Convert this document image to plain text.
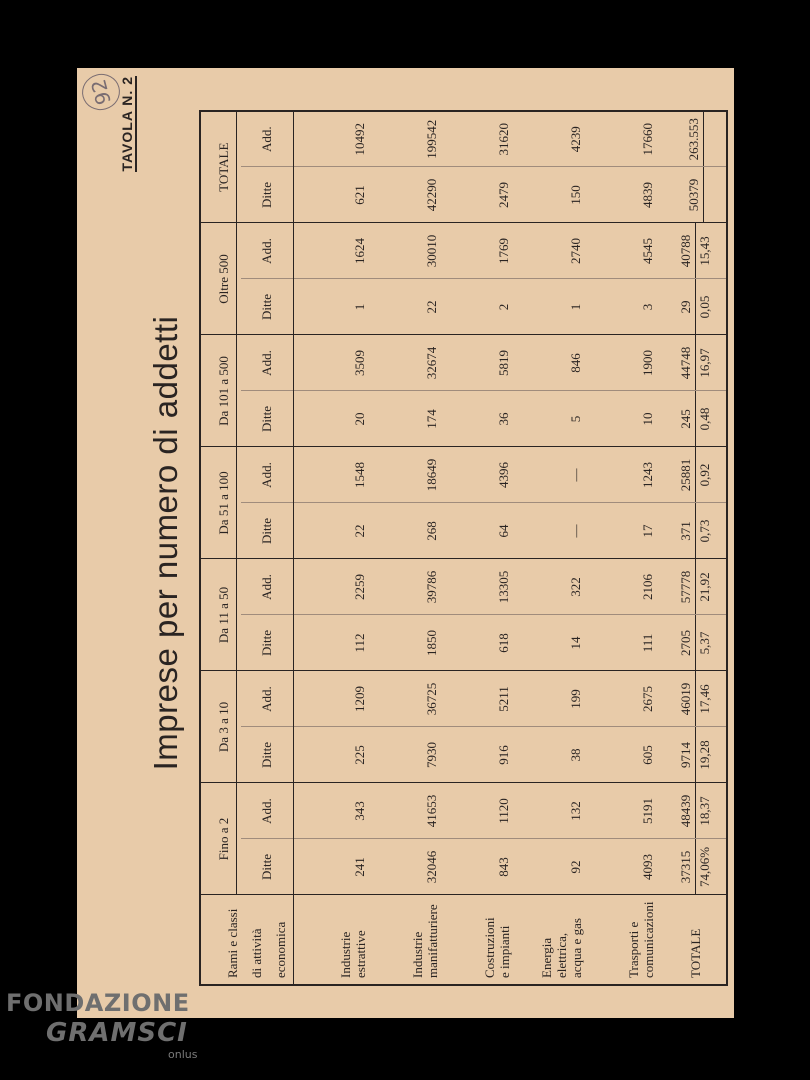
92 TAVOLA N. 2
Imprese per numero di addetti
Rami e classi di attività economica	Fino a 2		Da 3 a 10		Da 11 a 50		Da 51 a 100		Da 101 a 500		Oltre 500		TOTALE	

	Ditte	Add.	Ditte	Add.	Ditte	Add.	Ditte	Add.	Ditte	Add.	Ditte	Add.	Ditte	Add.

Industrie estrattive	241	343	225	1209	112	2259	22	1548	20	3509	1	1624	621	10492

Industrie manifatturiere	32046	41653	7930	36725	1850	39786	268	18649	174	32674	22	30010	42290	199542

Costruzioni e impianti	843	1120	916	5211	618	13305	64	4396	36	5819	2	1769	2479	31620

Energia elettrica, acqua e gas	92	132	38	199	14	322	—	—	5	846	1	2740	150	4239

Trasporti e comunicazioni	4093	5191	605	2675	111	2106	17	1243	10	1900	3	4545	4839	17660
TOTALE	37315 74,06%	48439 18,37	9714 19,28	46019 17,46	2705 5,37	57778 21,92	371 0,73	25881 0,92	245 0,48	44748 16,97	29 0,05	40788 15,43	50379	263.553
FONDAZIONE
GRAMSCI
onlus
